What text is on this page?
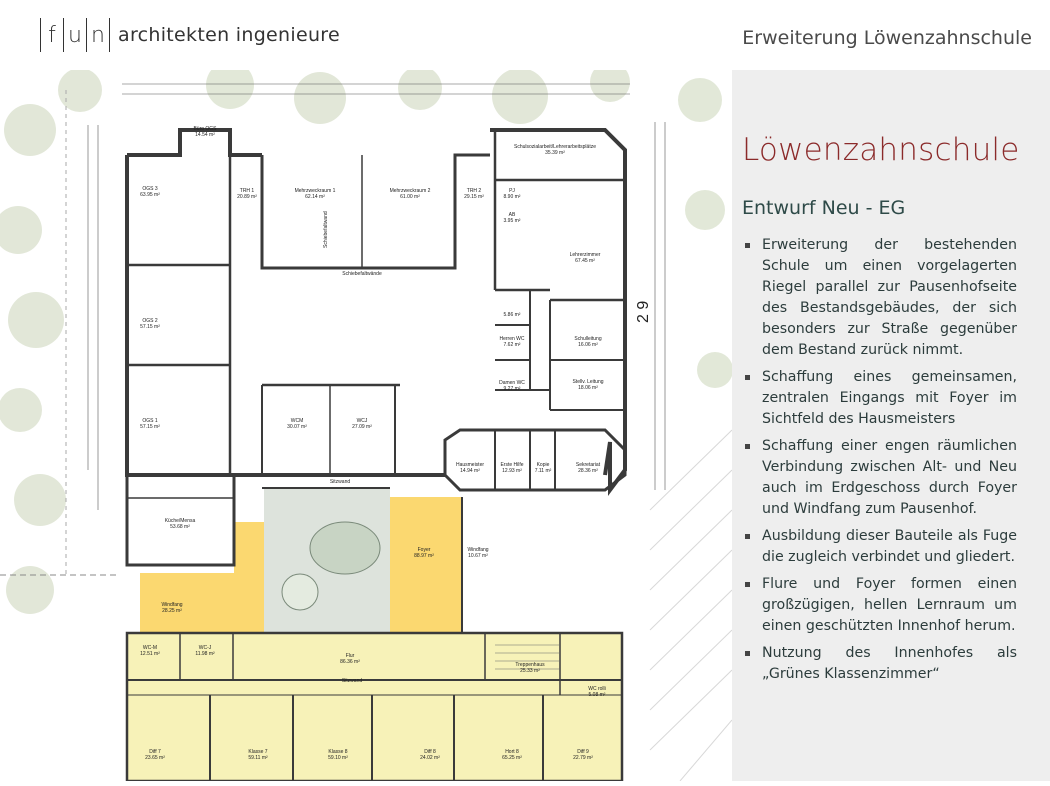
f u n architekten ingenieure	Erweiterung Löwenzahnschule
Büro OGS 14.54 m²
OGS 3 63.95 m²
OGS 2 57.15 m²
OGS 1 57.15 m²
TRH 1 20.89 m²
Mehrzweckraum 1 62.14 m²
Mehrzweckraum 2 61.00 m²
TRH 2 29.15 m²
Schulsozialarbeit/Lehrerarbeitsplätze 35.39 m²
PJ 8.90 m²
AB 3.95 m²
Lehrerzimmer 67.45 m²
5.86 m²
Herren WC 7.62 m²
Damen WC 9.27 m²
Schulleitung 16.06 m²
Stellv. Leitung 18.06 m²
WCM 30.07 m²
WCJ 27.09 m²
Hausmeister 14.94 m²
Erste Hilfe 12.93 m²
Kopie 7.11 m²
Sekretariat 28.36 m²
Küche/Mensa 53.68 m²
Foyer 88.97 m²
Windfang 28.25 m²
Windfang 10.67 m²
WC-M 12.51 m²
WC-J 11.98 m²	Flur 86.36 m²	Treppenhaus 25.33 m²
WC rolli 5.08 m²
Diff 7 23.65 m²
Klasse 7 59.11 m²
Klasse 8 59.10 m²
Diff 8 24.02 m²
Hort 8 65.25 m²
Diff 9 22.79 m²
Schiebefaltwände
Sitzwand
Sitzwand
Schiebefaltwand
2 9
Löwenzahnschule
Entwurf Neu - EG
Erweiterung der bestehenden Schule um einen vorgelagerten Riegel parallel zur Pausenhofseite des Bestandsgebäudes, der sich besonders zur Straße gegenüber dem Bestand zurück nimmt.
Schaffung eines gemeinsamen, zentralen Eingangs mit Foyer im Sichtfeld des Hausmeisters
Schaffung einer engen räumlichen Verbindung zwischen Alt- und Neu auch im Erdgeschoss durch Foyer und Windfang zum Pausenhof.
Ausbildung dieser Bauteile als Fuge die zugleich verbindet und gliedert.
Flure und Foyer formen einen großzügigen, hellen Lernraum um einen geschützten Innenhof herum.
Nutzung des Innenhofes als „Grünes Klassenzimmer“
